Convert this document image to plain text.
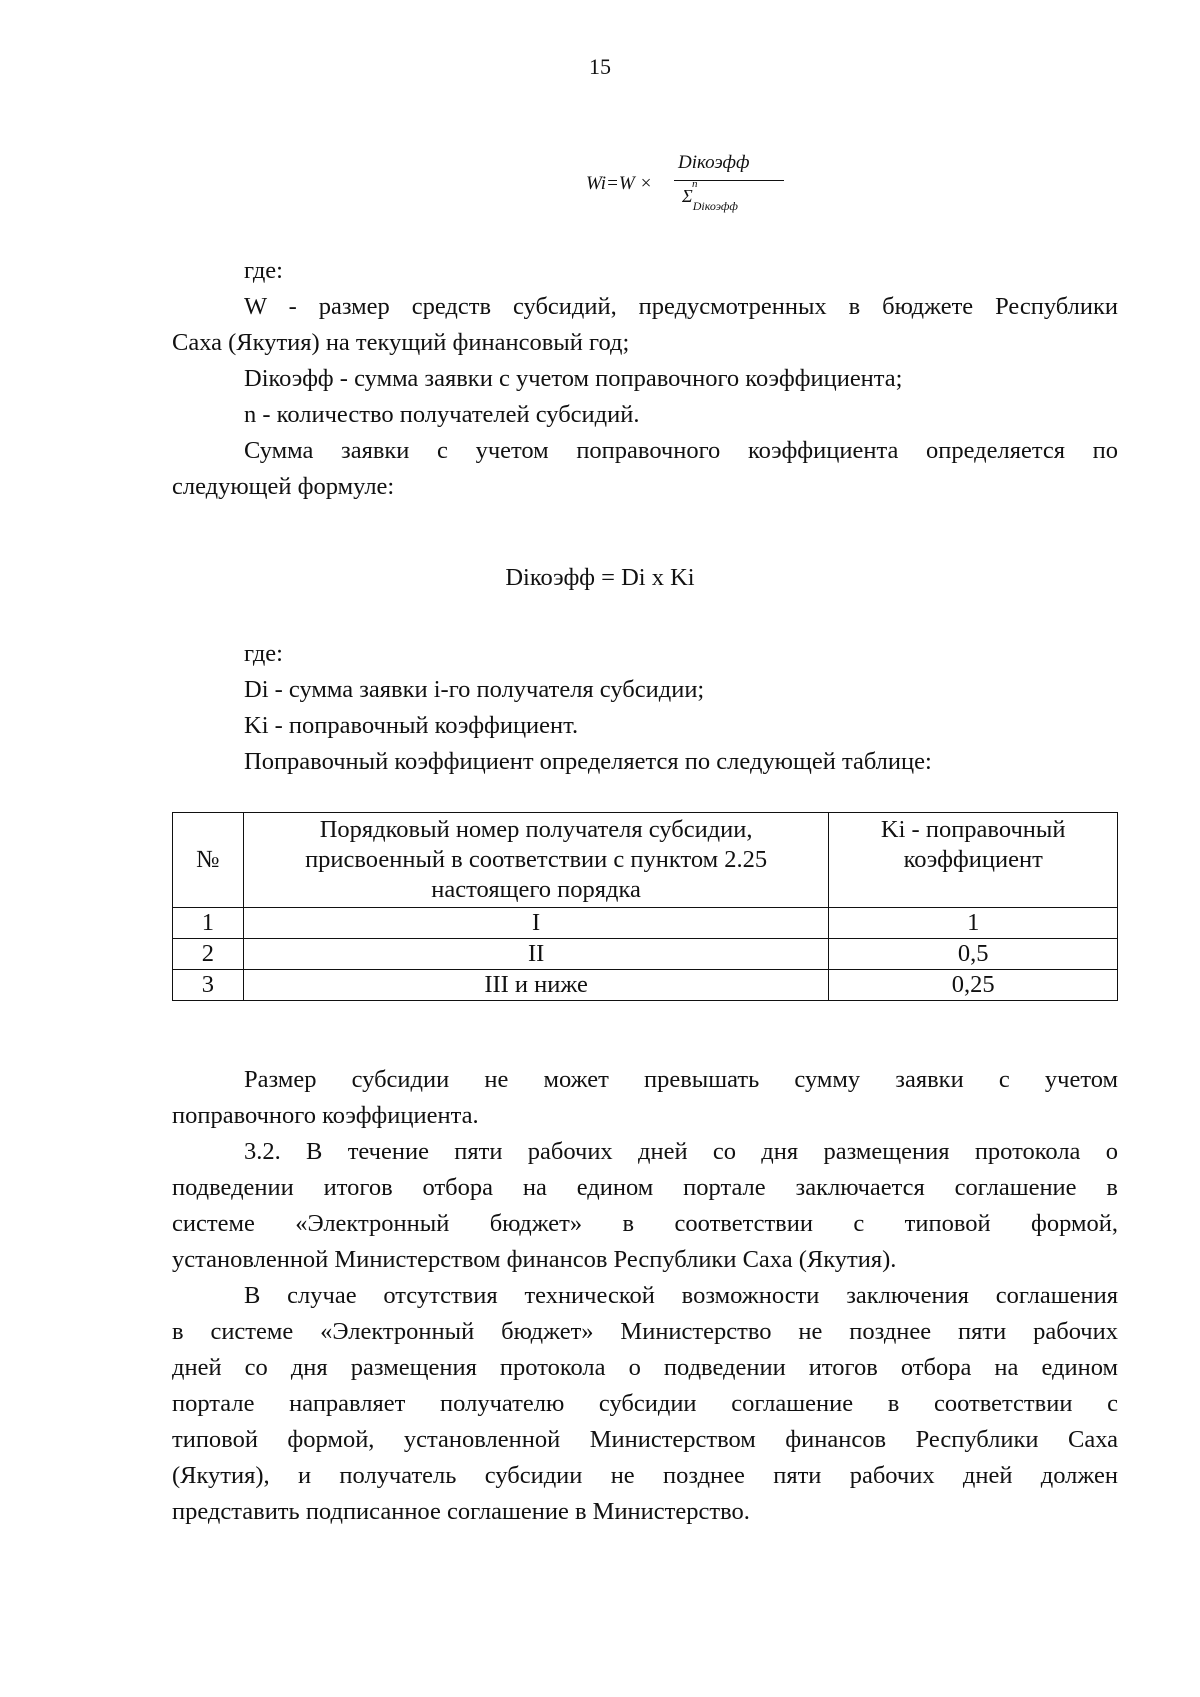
15
Wi=W ×
Diкоэфф
Σ
n
$_{Diкоэфф}$
где:
W - размер средств субсидий, предусмотренных в бюджете Республики
Саха (Якутия) на текущий финансовый год;
Diкоэфф - сумма заявки с учетом поправочного коэффициента;
n - количество получателей субсидий.
Сумма заявки с учетом поправочного коэффициента определяется по
следующей формуле:
Diкоэфф = Di x Ki
где:
Di - сумма заявки i-го получателя субсидии;
Ki - поправочный коэффициент.
Поправочный коэффициент определяется по следующей таблице:
№	Порядковый номер получателя субсидии,
присвоенный в соответствии с пунктом 2.25
настоящего порядка	Ki - поправочный
коэффициент

1	I	1
2	II	0,5
3	III и ниже	0,25
Размер субсидии не может превышать сумму заявки с учетом
поправочного коэффициента.
3.2. В течение пяти рабочих дней со дня размещения протокола о
подведении итогов отбора на едином портале заключается соглашение в
системе «Электронный бюджет» в соответствии с типовой формой,
установленной Министерством финансов Республики Саха (Якутия).
В случае отсутствия технической возможности заключения соглашения
в системе «Электронный бюджет» Министерство не позднее пяти рабочих
дней со дня размещения протокола о подведении итогов отбора на едином
портале направляет получателю субсидии соглашение в соответствии с
типовой формой, установленной Министерством финансов Республики Саха
(Якутия), и получатель субсидии не позднее пяти рабочих дней должен
представить подписанное соглашение в Министерство.
